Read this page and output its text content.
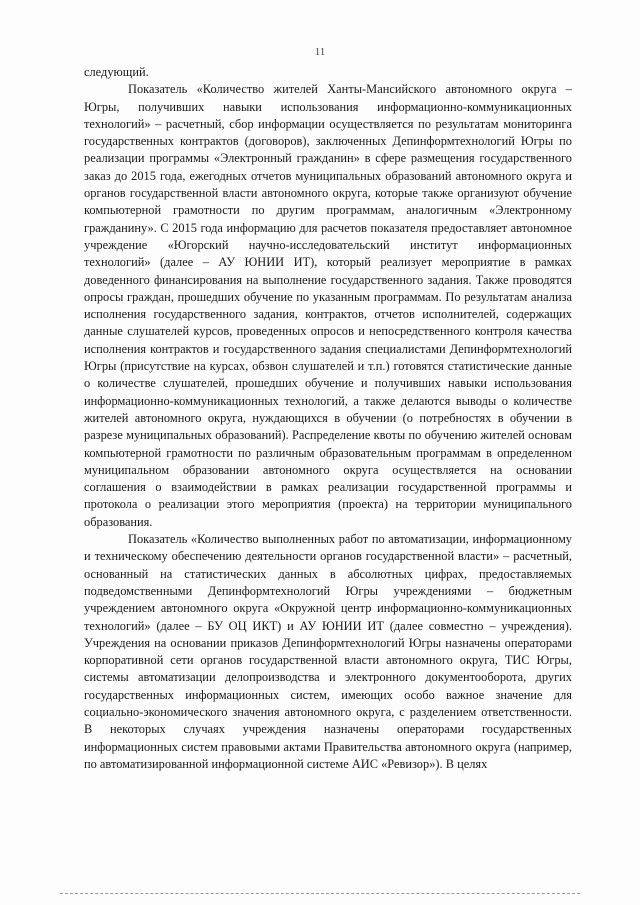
11

следующий.

Показатель «Количество жителей Ханты-Мансийского автономного округа – Югры, получивших навыки использования информационно-коммуникационных технологий» – расчетный, сбор информации осуществляется по результатам мониторинга государственных контрактов (договоров), заключенных Депинформтехнологий Югры по реализации программы «Электронный гражданин» в сфере размещения государственного заказ до 2015 года, ежегодных отчетов муниципальных образований автономного округа и органов государственной власти автономного округа, которые также организуют обучение компьютерной грамотности по другим программам, аналогичным «Электронному гражданину». С 2015 года информацию для расчетов показателя предоставляет автономное учреждение «Югорский научно-исследовательский институт информационных технологий» (далее – АУ ЮНИИ ИТ), который реализует мероприятие в рамках доведенного финансирования на выполнение государственного задания. Также проводятся опросы граждан, прошедших обучение по указанным программам. По результатам анализа исполнения государственного задания, контрактов, отчетов исполнителей, содержащих данные слушателей курсов, проведенных опросов и непосредственного контроля качества исполнения контрактов и государственного задания специалистами Депинформтехнологий Югры (присутствие на курсах, обзвон слушателей и т.п.) готовятся статистические данные о количестве слушателей, прошедших обучение и получивших навыки использования информационно-коммуникационных технологий, а также делаются выводы о количестве жителей автономного округа, нуждающихся в обучении (о потребностях в обучении в разрезе муниципальных образований). Распределение квоты по обучению жителей основам компьютерной грамотности по различным образовательным программам в определенном муниципальном образовании автономного округа осуществляется на основании соглашения о взаимодействии в рамках реализации государственной программы и протокола о реализации этого мероприятия (проекта) на территории муниципального образования.

Показатель «Количество выполненных работ по автоматизации, информационному и техническому обеспечению деятельности органов государственной власти» – расчетный, основанный на статистических данных в абсолютных цифрах, предоставляемых подведомственными Депинформтехнологий Югры учреждениями – бюджетным учреждением автономного округа «Окружной центр информационно-коммуникационных технологий» (далее – БУ ОЦ ИКТ) и АУ ЮНИИ ИТ (далее совместно – учреждения). Учреждения на основании приказов Депинформтехнологий Югры назначены операторами корпоративной сети органов государственной власти автономного округа, ТИС Югры, системы автоматизации делопроизводства и электронного документооборота, других государственных информационных систем, имеющих особо важное значение для социально-экономического значения автономного округа, с разделением ответственности. В некоторых случаях учреждения назначены операторами государственных информационных систем правовыми актами Правительства автономного округа (например, по автоматизированной информационной системе АИС «Ревизор»). В целях
